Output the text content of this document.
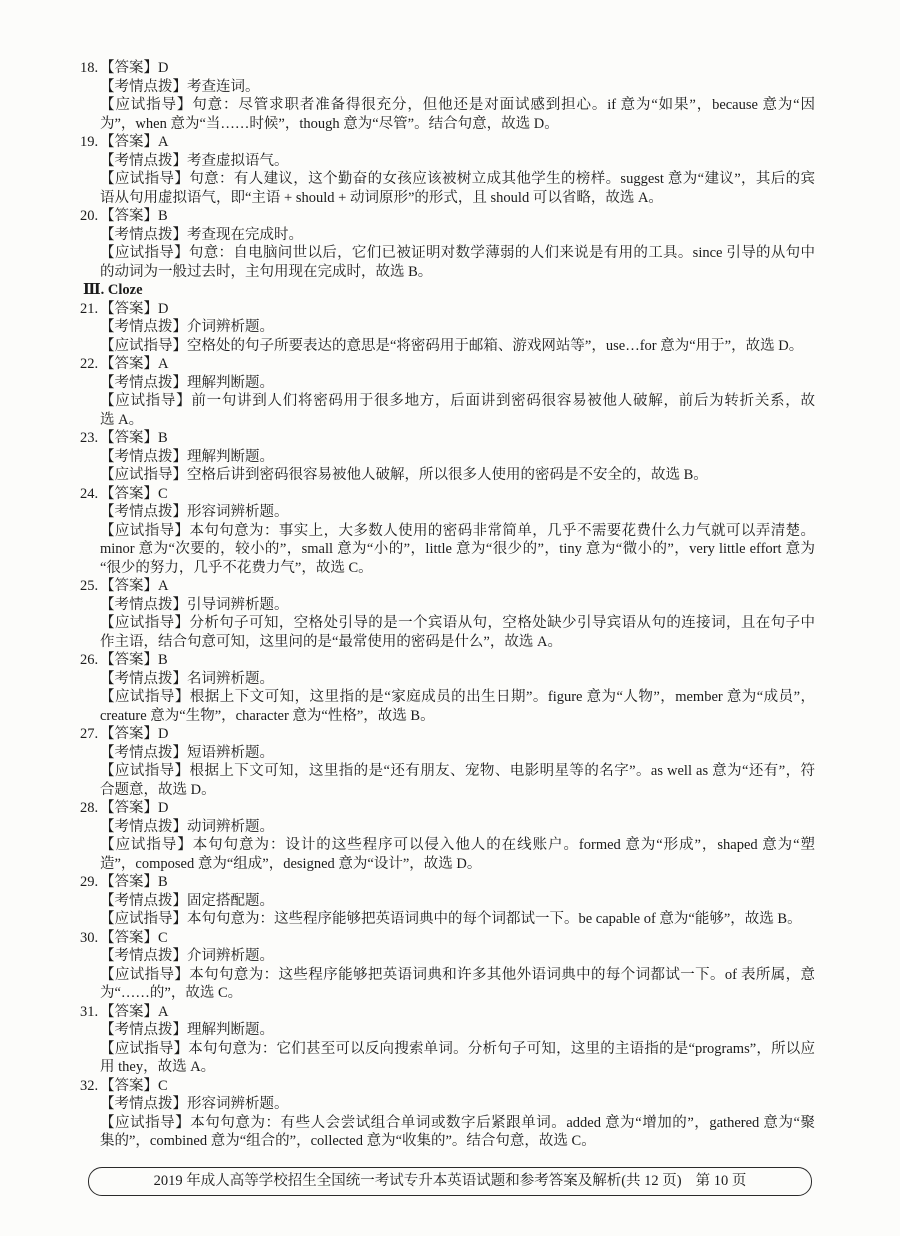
18. 【答案】D
【考情点拨】考查连词。
【应试指导】句意：尽管求职者准备得很充分，但他还是对面试感到担心。if 意为“如果”，because 意为“因
为”，when 意为“当……时候”，though 意为“尽管”。结合句意，故选 D。
19. 【答案】A
【考情点拨】考查虚拟语气。
【应试指导】句意：有人建议，这个勤奋的女孩应该被树立成其他学生的榜样。suggest 意为“建议”，其后的宾
语从句用虚拟语气，即“主语 + should + 动词原形”的形式，且 should 可以省略，故选 A。
20. 【答案】B
【考情点拨】考查现在完成时。
【应试指导】句意：自电脑问世以后，它们已被证明对数学薄弱的人们来说是有用的工具。since 引导的从句中
的动词为一般过去时，主句用现在完成时，故选 B。
Ⅲ. Cloze
21. 【答案】D
【考情点拨】介词辨析题。
【应试指导】空格处的句子所要表达的意思是“将密码用于邮箱、游戏网站等”，use…for 意为“用于”，故选 D。
22. 【答案】A
【考情点拨】理解判断题。
【应试指导】前一句讲到人们将密码用于很多地方，后面讲到密码很容易被他人破解，前后为转折关系，故
选 A。
23. 【答案】B
【考情点拨】理解判断题。
【应试指导】空格后讲到密码很容易被他人破解，所以很多人使用的密码是不安全的，故选 B。
24. 【答案】C
【考情点拨】形容词辨析题。
【应试指导】本句句意为：事实上，大多数人使用的密码非常简单，几乎不需要花费什么力气就可以弄清楚。
minor 意为“次要的，较小的”，small 意为“小的”，little 意为“很少的”，tiny 意为“微小的”，very little effort 意为
“很少的努力，几乎不花费力气”，故选 C。
25. 【答案】A
【考情点拨】引导词辨析题。
【应试指导】分析句子可知，空格处引导的是一个宾语从句，空格处缺少引导宾语从句的连接词，且在句子中
作主语，结合句意可知，这里问的是“最常使用的密码是什么”，故选 A。
26. 【答案】B
【考情点拨】名词辨析题。
【应试指导】根据上下文可知，这里指的是“家庭成员的出生日期”。figure 意为“人物”，member 意为“成员”，
creature 意为“生物”，character 意为“性格”，故选 B。
27. 【答案】D
【考情点拨】短语辨析题。
【应试指导】根据上下文可知，这里指的是“还有朋友、宠物、电影明星等的名字”。as well as 意为“还有”，符
合题意，故选 D。
28. 【答案】D
【考情点拨】动词辨析题。
【应试指导】本句句意为：设计的这些程序可以侵入他人的在线账户。formed 意为“形成”，shaped 意为“塑
造”，composed 意为“组成”，designed 意为“设计”，故选 D。
29. 【答案】B
【考情点拨】固定搭配题。
【应试指导】本句句意为：这些程序能够把英语词典中的每个词都试一下。be capable of 意为“能够”，故选 B。
30. 【答案】C
【考情点拨】介词辨析题。
【应试指导】本句句意为：这些程序能够把英语词典和许多其他外语词典中的每个词都试一下。of 表所属，意
为“……的”，故选 C。
31. 【答案】A
【考情点拨】理解判断题。
【应试指导】本句句意为：它们甚至可以反向搜索单词。分析句子可知，这里的主语指的是“programs”，所以应
用 they，故选 A。
32. 【答案】C
【考情点拨】形容词辨析题。
【应试指导】本句句意为：有些人会尝试组合单词或数字后紧跟单词。added 意为“增加的”，gathered 意为“聚
集的”，combined 意为“组合的”，collected 意为“收集的”。结合句意，故选 C。
2019 年成人高等学校招生全国统一考试专升本英语试题和参考答案及解析(共 12 页) 第 10 页
